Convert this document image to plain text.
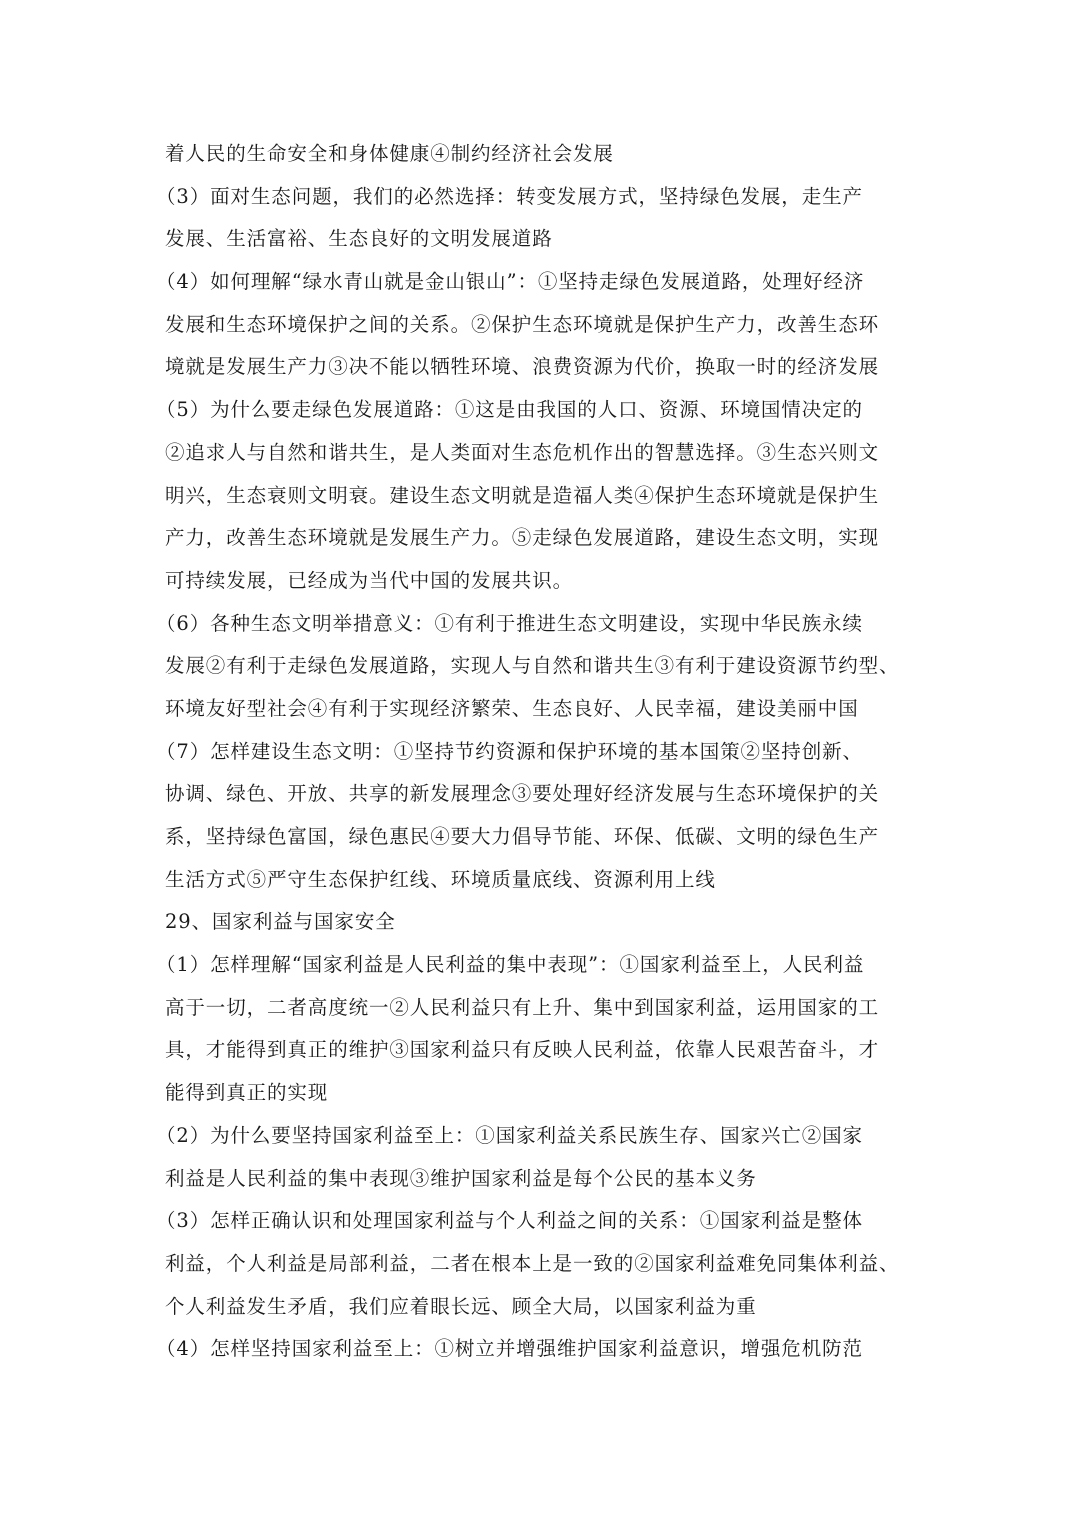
着人民的生命安全和身体健康④制约经济社会发展
（3）面对生态问题，我们的必然选择：转变发展方式，坚持绿色发展，走生产
发展、生活富裕、生态良好的文明发展道路
（4）如何理解“绿水青山就是金山银山”：①坚持走绿色发展道路，处理好经济
发展和生态环境保护之间的关系。②保护生态环境就是保护生产力，改善生态环
境就是发展生产力③决不能以牺牲环境、浪费资源为代价，换取一时的经济发展
（5）为什么要走绿色发展道路：①这是由我国的人口、资源、环境国情决定的
②追求人与自然和谐共生，是人类面对生态危机作出的智慧选择。③生态兴则文
明兴，生态衰则文明衰。建设生态文明就是造福人类④保护生态环境就是保护生
产力，改善生态环境就是发展生产力。⑤走绿色发展道路，建设生态文明，实现
可持续发展，已经成为当代中国的发展共识。
（6）各种生态文明举措意义：①有利于推进生态文明建设，实现中华民族永续
发展②有利于走绿色发展道路，实现人与自然和谐共生③有利于建设资源节约型、
环境友好型社会④有利于实现经济繁荣、生态良好、人民幸福，建设美丽中国
（7）怎样建设生态文明：①坚持节约资源和保护环境的基本国策②坚持创新、
协调、绿色、开放、共享的新发展理念③要处理好经济发展与生态环境保护的关
系，坚持绿色富国，绿色惠民④要大力倡导节能、环保、低碳、文明的绿色生产
生活方式⑤严守生态保护红线、环境质量底线、资源利用上线
29、国家利益与国家安全
（1）怎样理解“国家利益是人民利益的集中表现”：①国家利益至上，人民利益
高于一切，二者高度统一②人民利益只有上升、集中到国家利益，运用国家的工
具，才能得到真正的维护③国家利益只有反映人民利益，依靠人民艰苦奋斗，才
能得到真正的实现
（2）为什么要坚持国家利益至上：①国家利益关系民族生存、国家兴亡②国家
利益是人民利益的集中表现③维护国家利益是每个公民的基本义务
（3）怎样正确认识和处理国家利益与个人利益之间的关系：①国家利益是整体
利益，个人利益是局部利益，二者在根本上是一致的②国家利益难免同集体利益、
个人利益发生矛盾，我们应着眼长远、顾全大局，以国家利益为重
（4）怎样坚持国家利益至上：①树立并增强维护国家利益意识，增强危机防范
